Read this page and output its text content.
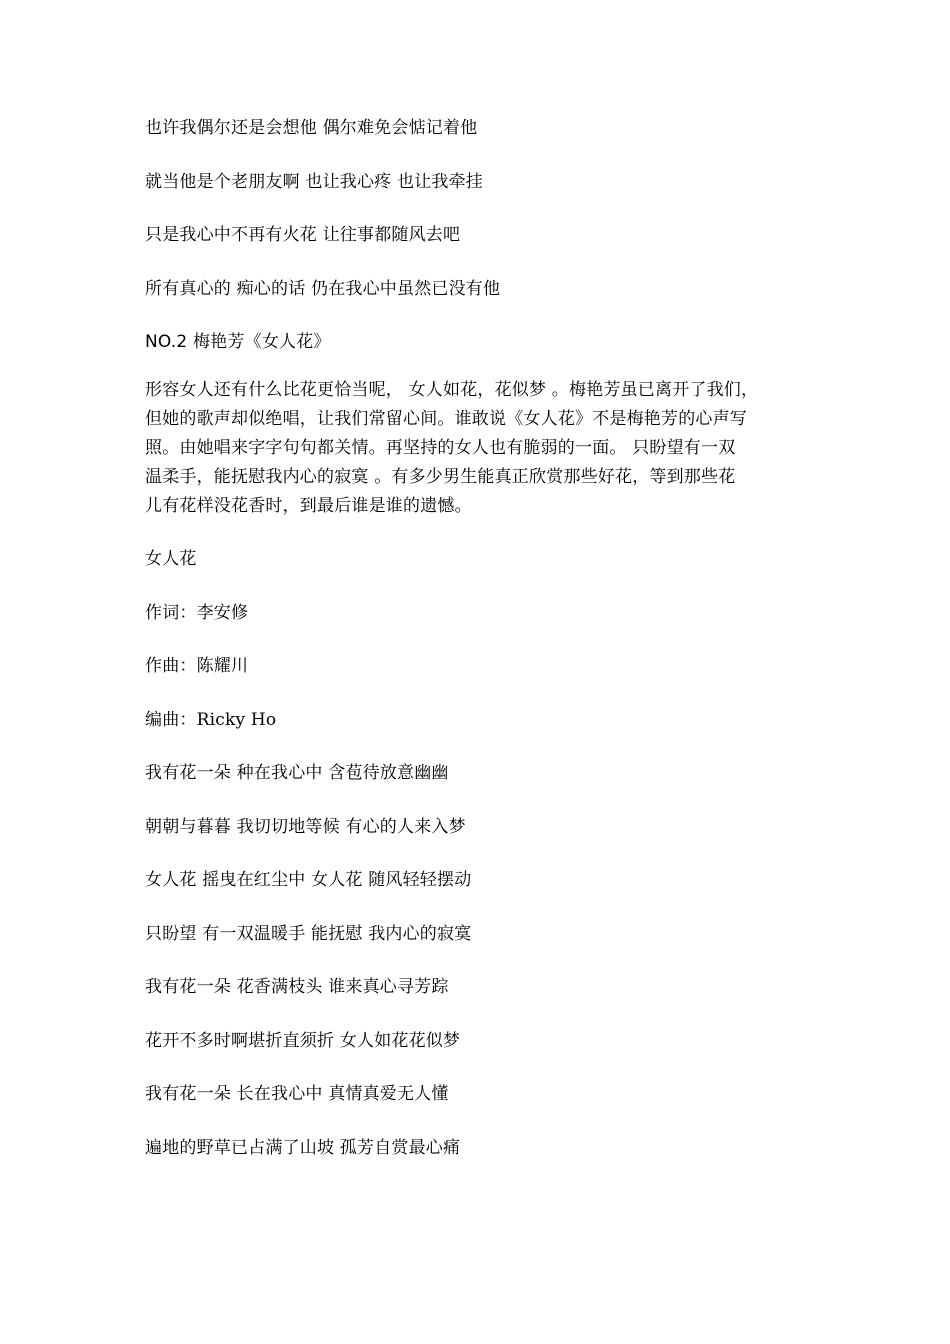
也许我偶尔还是会想他 偶尔难免会惦记着他
就当他是个老朋友啊 也让我心疼 也让我牵挂
只是我心中不再有火花 让往事都随风去吧
所有真心的 痴心的话 仍在我心中虽然已没有他
NO.2 梅艳芳《女人花》
形容女人还有什么比花更恰当呢， 女人如花，花似梦 。梅艳芳虽已离开了我们，
但她的歌声却似绝唱，让我们常留心间。谁敢说《女人花》不是梅艳芳的心声写
照。由她唱来字字句句都关情。再坚持的女人也有脆弱的一面。 只盼望有一双
温柔手，能抚慰我内心的寂寞 。有多少男生能真正欣赏那些好花，等到那些花
儿有花样没花香时，到最后谁是谁的遗憾。
女人花
作词：李安修
作曲：陈耀川
编曲：Ricky Ho
我有花一朵 种在我心中 含苞待放意幽幽
朝朝与暮暮 我切切地等候 有心的人来入梦
女人花 摇曳在红尘中 女人花 随风轻轻摆动
只盼望 有一双温暖手 能抚慰 我内心的寂寞
我有花一朵 花香满枝头 谁来真心寻芳踪
花开不多时啊堪折直须折 女人如花花似梦
我有花一朵 长在我心中 真情真爱无人懂
遍地的野草已占满了山坡 孤芳自赏最心痛
